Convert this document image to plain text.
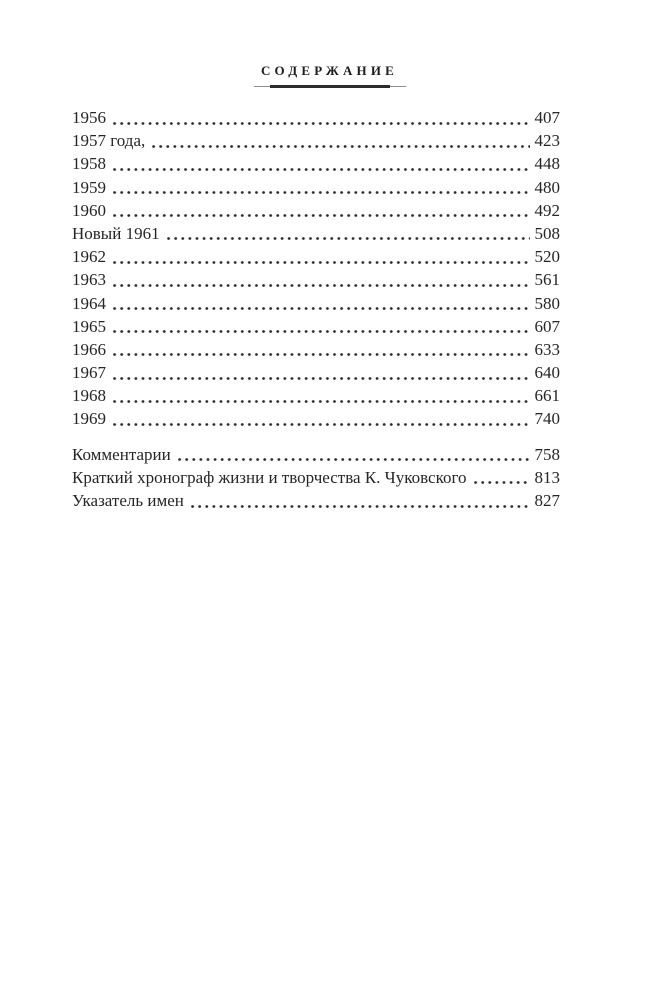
СОДЕРЖАНИЕ
1956	407
1957 года,	423
1958	448
1959	480
1960	492
Новый 1961	508
1962	520
1963	561
1964	580
1965	607
1966	633
1967	640
1968	661
1969	740
Комментарии	758
Краткий хронограф жизни и творчества К. Чуковского	813
Указатель имен	827
